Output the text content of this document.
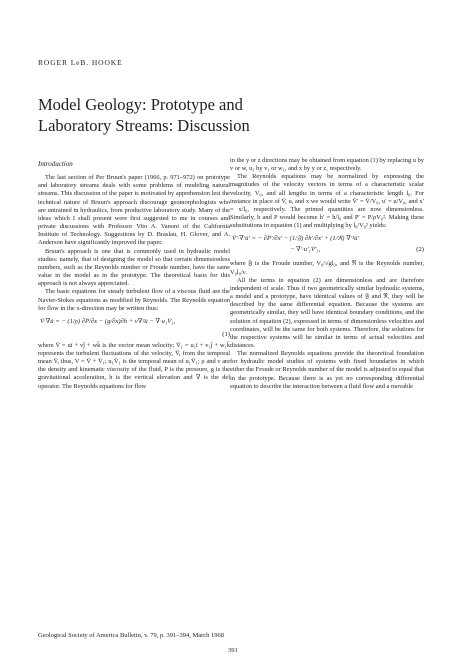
ROGER LeB. HOOKE
Model Geology: Prototype and
Laboratory Streams: Discussion
Introduction

The last section of Per Bruun's paper (1966, p. 971–972) on prototype and laboratory streams deals with some problems of modeling natural streams. This discussion of the paper is motivated by apprehension lest the technical nature of Bruun's approach discourage geomorphologists who are untrained in hydraulics, from productive laboratory study. Many of the ideas which I shall present were first suggested to me in courses and private discussions with Professor Vito A. Vanoni of the California Institute of Technology. Suggestions by D. Braslau, H. Glover, and A. Anderson have significantly improved the paper.

Bruun's approach is one that is commonly used in hydraulic model studies: namely, that of designing the model so that certain dimensionless numbers, such as the Reynolds number or Froude number, have the same value in the model as in the prototype. The theoretical basis for this approach is not always appreciated.

The basic equations for steady turbulent flow of a viscous fluid are the Navier-Stokes equations as modified by Reynolds. The Reynolds equation for flow in the x-direction may be written thus:

V̄·∇ū = − (1/ρ) ∂P̄/∂x − (g/∂x)∂h + ν∇²ū − ∇·u₁V̄₁,
(1)

where V̄ = uī + vj̄ + wk̄ is the vector mean velocity; V̄₁ = u₁ī + v₁j̄ + w₁k̄ represents the turbulent fluctuations of the velocity, V̄, from the temporal mean V̄, thus, V = V̄ + V̄₁; u₁V̄₁ is the temporal mean of u₁V̄₁; ρ and ν are the density and kinematic viscosity of the fluid, P is the pressure, g is the gravitational acceleration, h is the vertical elevation and ∇ is the del operator. The Reynolds equations for flow

in the y or z directions may be obtained from equation (1) by replacing u by v or w, u₁ by v₁ or w₁, and x by y or z, respectively.

The Reynolds equations may be normalized by expressing the magnitudes of the velocity vectors in terms of a characteristic scalar velocity, V₀, and all lengths in terms of a characteristic length l₀. For instance in place of V̄, u, and x we would write V̄′ = V̄/V₀, u′ = u/V₀, and x′ = x/l₀, respectively. The primed quantities are now dimensionless. Similarly, h and P would become h′ = h/l₀ and P′ = P/ρV₀². Making these substitutions in equation (1) and multiplying by l₀/V₀² yields:

V̄′·∇′ū′ = − ∂P̄′/∂x′ − (1/𝔉) ∂h′/∂x′ + (1/ℜ) ∇′²ū′
− ∇′·u′₁V̄′₁,	(2)

where 𝔉 is the Froude number, V₀/√gl₀, and ℜ is the Reynolds number, V₀l₀/ν.

All the terms in equation (2) are dimensionless and are therefore independent of scale. Thus if two geometrically similar hydraulic systems, a model and a prototype, have identical values of 𝔉 and ℜ, they will be described by the same differential equation. Because the systems are geometrically similar, they will have identical boundary conditions, and the solution of equation (2), expressed in terms of dimensionless velocities and coordinates, will be the same for both systems. Therefore, the solutions for the respective systems will be similar in terms of actual velocities and distances.

The normalized Reynolds equations provide the theoretical foundation for hydraulic model studies of systems with fixed boundaries in which either the Froude or Reynolds number of the model is adjusted to equal that in the prototype. Because there is as yet no corresponding differential equation to describe the interaction between a fluid flow and a movable

Geological Society of America Bulletin, v. 79, p. 391–394, March 1968
391
